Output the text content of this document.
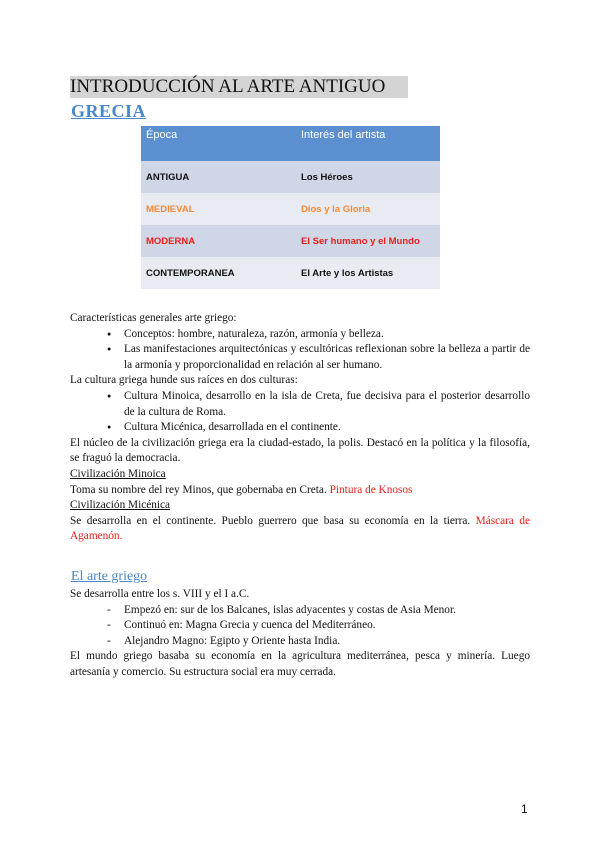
INTRODUCCIÓN AL ARTE ANTIGUO
GRECIA
Época	Interés del artista
ANTIGUA	Los Héroes
MEDIEVAL	Dios y la Gloria
MODERNA	El Ser humano y el Mundo
CONTEMPORANEA	El Arte y los Artistas

Características generales arte griego:

● Conceptos: hombre, naturaleza, razón, armonía y belleza.
● Las manifestaciones arquitectónicas y escultóricas reflexionan sobre la belleza a partir de la armonía y proporcionalidad en relación al ser humano.

La cultura griega hunde sus raíces en dos culturas:

● Cultura Minoica, desarrollo en la isla de Creta, fue decisiva para el posterior desarrollo de la cultura de Roma.
● Cultura Micénica, desarrollada en el continente.

El núcleo de la civilización griega era la ciudad-estado, la polis. Destacó en la política y la filosofía, se fraguó la democracia.

Civilización Minoica

Toma su nombre del rey Minos, que gobernaba en Creta. Pintura de Knosos

Civilización Micénica

Se desarrolla en el continente. Pueblo guerrero que basa su economía en la tierra. Máscara de Agamenón.

El arte griego

Se desarrolla entre los s. VIII y el I a.C.

- Empezó en: sur de los Balcanes, islas adyacentes y costas de Asia Menor.
- Continuó en: Magna Grecia y cuenca del Mediterráneo.
- Alejandro Magno: Egipto y Oriente hasta India.

El mundo griego basaba su economía en la agricultura mediterránea, pesca y minería. Luego artesanía y comercio. Su estructura social era muy cerrada.

1
